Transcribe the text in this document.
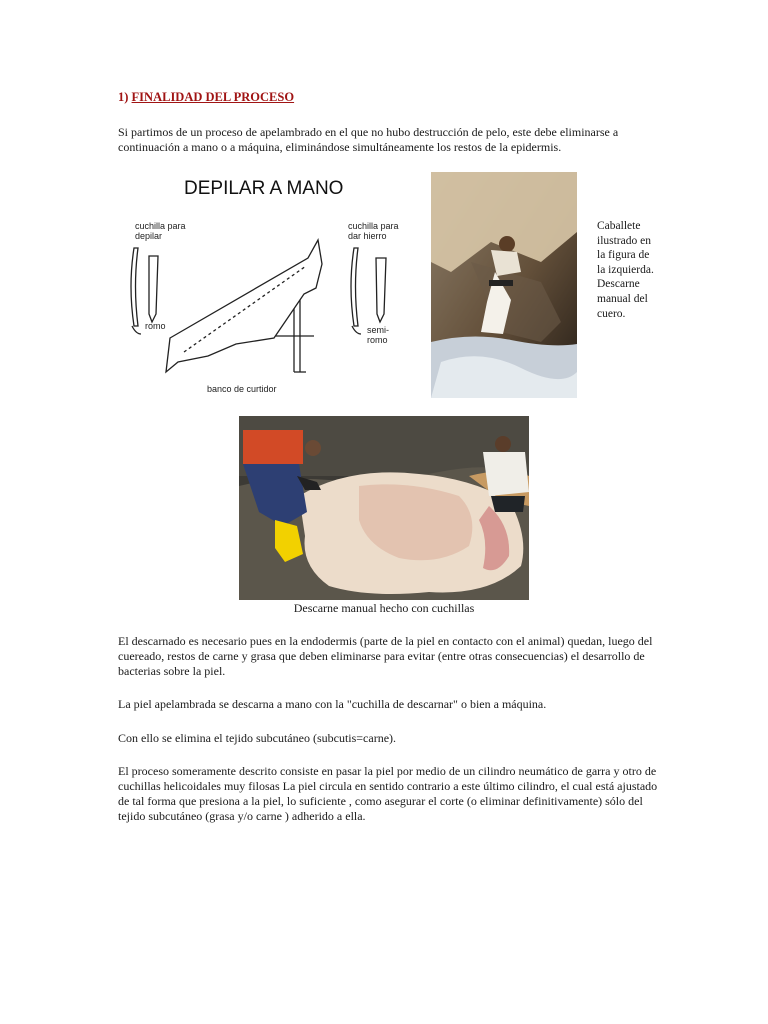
1) FINALIDAD DEL PROCESO
Si partimos de un proceso de apelambrado en el que no hubo destrucción de pelo, este debe eliminarse a continuación a mano o a máquina, eliminándose simultáneamente los restos de la epidermis.
DEPILAR A MANO
cuchilla para
depilar
cuchilla para
dar hierro
romo	semi-
romo
banco de curtidor
Caballete ilustrado en la figura de la izquierda. Descarne manual del cuero.
Descarne manual hecho con cuchillas
El descarnado es necesario pues en la endodermis (parte de la piel en contacto con el animal) quedan, luego del cuereado, restos de carne y grasa que deben eliminarse para evitar (entre otras consecuencias) el desarrollo de bacterias sobre la piel.
La piel apelambrada se descarna a mano con la "cuchilla de descarnar" o bien a máquina.
Con ello se elimina el tejido subcutáneo (subcutis=carne).
El proceso someramente descrito consiste en pasar la piel por medio de un cilindro neumático de garra y otro de cuchillas helicoidales muy filosas La piel circula en sentido contrario a este último cilindro, el cual está ajustado de tal forma que presiona a la piel, lo suficiente , como asegurar el corte (o eliminar definitivamente) sólo del tejido subcutáneo (grasa y/o carne ) adherido a ella.
